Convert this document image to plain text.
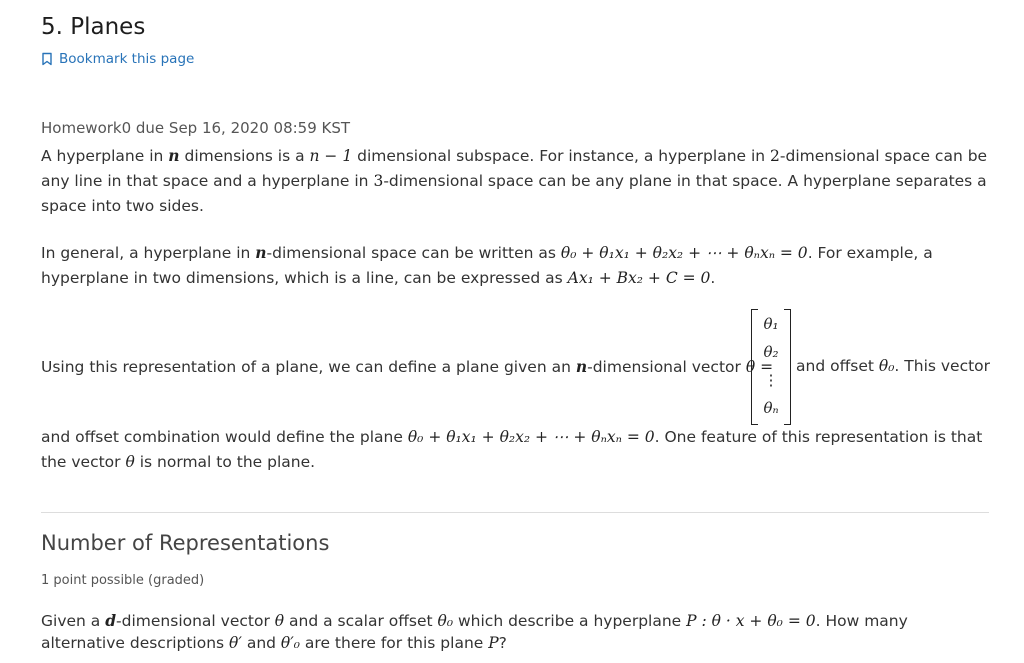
5. Planes
Bookmark this page
Homework0 due Sep 16, 2020 08:59 KST

A hyperplane in n dimensions is a n − 1 dimensional subspace. For instance, a hyperplane in 2-dimensional space can be any line in that space and a hyperplane in 3-dimensional space can be any plane in that space. A hyperplane separates a space into two sides.

In general, a hyperplane in n-dimensional space can be written as θ₀ + θ₁x₁ + θ₂x₂ + ⋯ + θₙxₙ = 0. For example, a hyperplane in two dimensions, which is a line, can be expressed as Ax₁ + Bx₂ + C = 0.

Using this representation of a plane, we can define a plane given an n-dimensional vector θ =
θ₁
θ₂
⋮
θₙ
and offset θ₀. This vector

and offset combination would define the plane θ₀ + θ₁x₁ + θ₂x₂ + ⋯ + θₙxₙ = 0. One feature of this representation is that the vector θ is normal to the plane.

Number of Representations
1 point possible (graded)

Given a d-dimensional vector θ and a scalar offset θ₀ which describe a hyperplane P : θ · x + θ₀ = 0. How many alternative descriptions θ′ and θ′₀ are there for this plane P?
